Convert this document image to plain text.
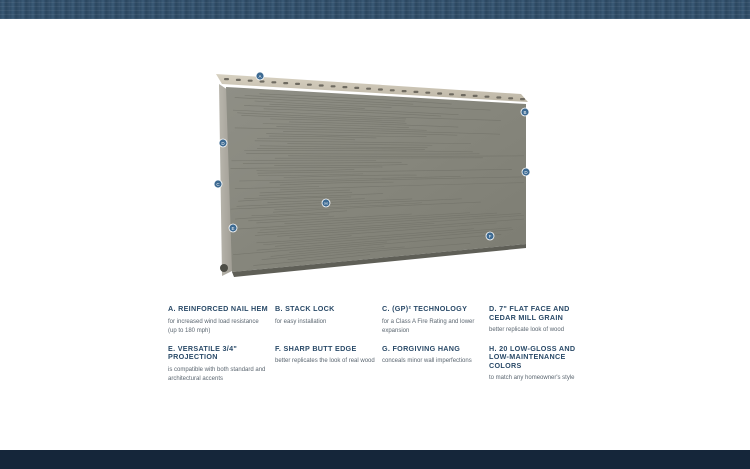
A
B
C
D
D
E
F
H
A. REINFORCED NAIL HEM
for increased wind load resistance (up to 180 mph)
B. STACK LOCK
for easy installation
C. (GP)² TECHNOLOGY
for a Class A Fire Rating and lower expansion
D. 7" FLAT FACE AND CEDAR MILL GRAIN
better replicate look of wood
E. VERSATILE 3/4" PROJECTION
is compatible with both standard and architectural accents
F. SHARP BUTT EDGE
better replicates the look of real wood
G. FORGIVING HANG
conceals minor wall imperfections
H. 20 LOW-GLOSS AND LOW-MAINTENANCE COLORS
to match any homeowner's style
